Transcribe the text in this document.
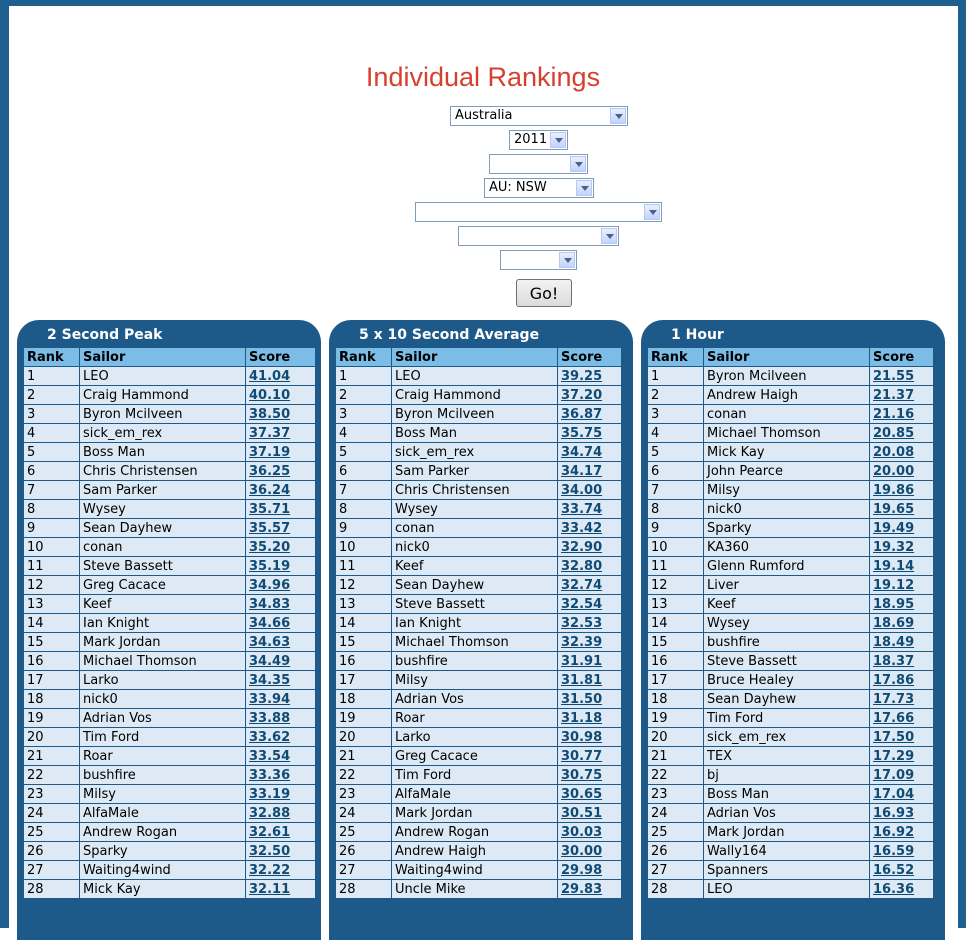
Individual Rankings
Australia
2011
AU: NSW
Go!
2 Second Peak
Rank	Sailor	Score
1	LEO	41.04
2	Craig Hammond	40.10
3	Byron Mcilveen	38.50
4	sick_em_rex	37.37
5	Boss Man	37.19
6	Chris Christensen	36.25
7	Sam Parker	36.24
8	Wysey	35.71
9	Sean Dayhew	35.57
10	conan	35.20
11	Steve Bassett	35.19
12	Greg Cacace	34.96
13	Keef	34.83
14	Ian Knight	34.66
15	Mark Jordan	34.63
16	Michael Thomson	34.49
17	Larko	34.35
18	nick0	33.94
19	Adrian Vos	33.88
20	Tim Ford	33.62
21	Roar	33.54
22	bushfire	33.36
23	Milsy	33.19
24	AlfaMale	32.88
25	Andrew Rogan	32.61
26	Sparky	32.50
27	Waiting4wind	32.22
28	Mick Kay	32.11
5 x 10 Second Average
Rank	Sailor	Score
1	LEO	39.25
2	Craig Hammond	37.20
3	Byron Mcilveen	36.87
4	Boss Man	35.75
5	sick_em_rex	34.74
6	Sam Parker	34.17
7	Chris Christensen	34.00
8	Wysey	33.74
9	conan	33.42
10	nick0	32.90
11	Keef	32.80
12	Sean Dayhew	32.74
13	Steve Bassett	32.54
14	Ian Knight	32.53
15	Michael Thomson	32.39
16	bushfire	31.91
17	Milsy	31.81
18	Adrian Vos	31.50
19	Roar	31.18
20	Larko	30.98
21	Greg Cacace	30.77
22	Tim Ford	30.75
23	AlfaMale	30.65
24	Mark Jordan	30.51
25	Andrew Rogan	30.03
26	Andrew Haigh	30.00
27	Waiting4wind	29.98
28	Uncle Mike	29.83
1 Hour
Rank	Sailor	Score
1	Byron Mcilveen	21.55
2	Andrew Haigh	21.37
3	conan	21.16
4	Michael Thomson	20.85
5	Mick Kay	20.08
6	John Pearce	20.00
7	Milsy	19.86
8	nick0	19.65
9	Sparky	19.49
10	KA360	19.32
11	Glenn Rumford	19.14
12	Liver	19.12
13	Keef	18.95
14	Wysey	18.69
15	bushfire	18.49
16	Steve Bassett	18.37
17	Bruce Healey	17.86
18	Sean Dayhew	17.73
19	Tim Ford	17.66
20	sick_em_rex	17.50
21	TEX	17.29
22	bj	17.09
23	Boss Man	17.04
24	Adrian Vos	16.93
25	Mark Jordan	16.92
26	Wally164	16.59
27	Spanners	16.52
28	LEO	16.36
